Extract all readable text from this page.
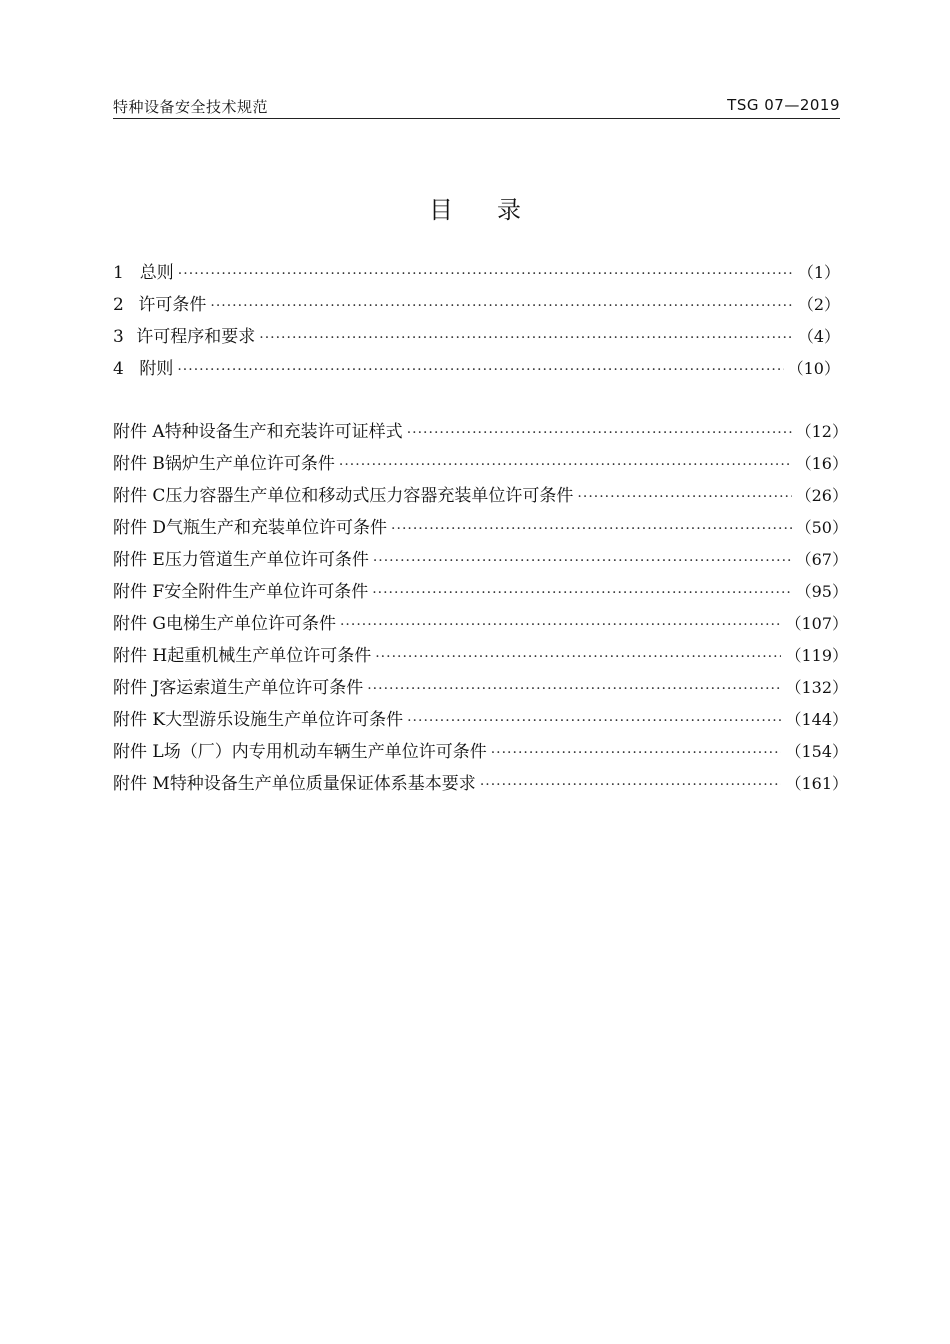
特种设备安全技术规范	TSG 07—2019
目录
1 总则 ·····	（1）
2 许可条件 ·····	（2）
3 许可程序和要求 ·····	（4）
4 附则 ·····	（10）
附件 A 特种设备生产和充装许可证样式 ·····	（12）
附件 B 锅炉生产单位许可条件 ·····	（16）
附件 C 压力容器生产单位和移动式压力容器充装单位许可条件 ·····	（26）
附件 D 气瓶生产和充装单位许可条件 ·····	（50）
附件 E 压力管道生产单位许可条件 ·····	（67）
附件 F 安全附件生产单位许可条件 ·····	（95）
附件 G 电梯生产单位许可条件 ·····	（107）
附件 H 起重机械生产单位许可条件 ·····	（119）
附件 J 客运索道生产单位许可条件 ·····	（132）
附件 K 大型游乐设施生产单位许可条件 ·····	（144）
附件 L 场（厂）内专用机动车辆生产单位许可条件 ·····	（154）
附件 M 特种设备生产单位质量保证体系基本要求 ·····	（161）
